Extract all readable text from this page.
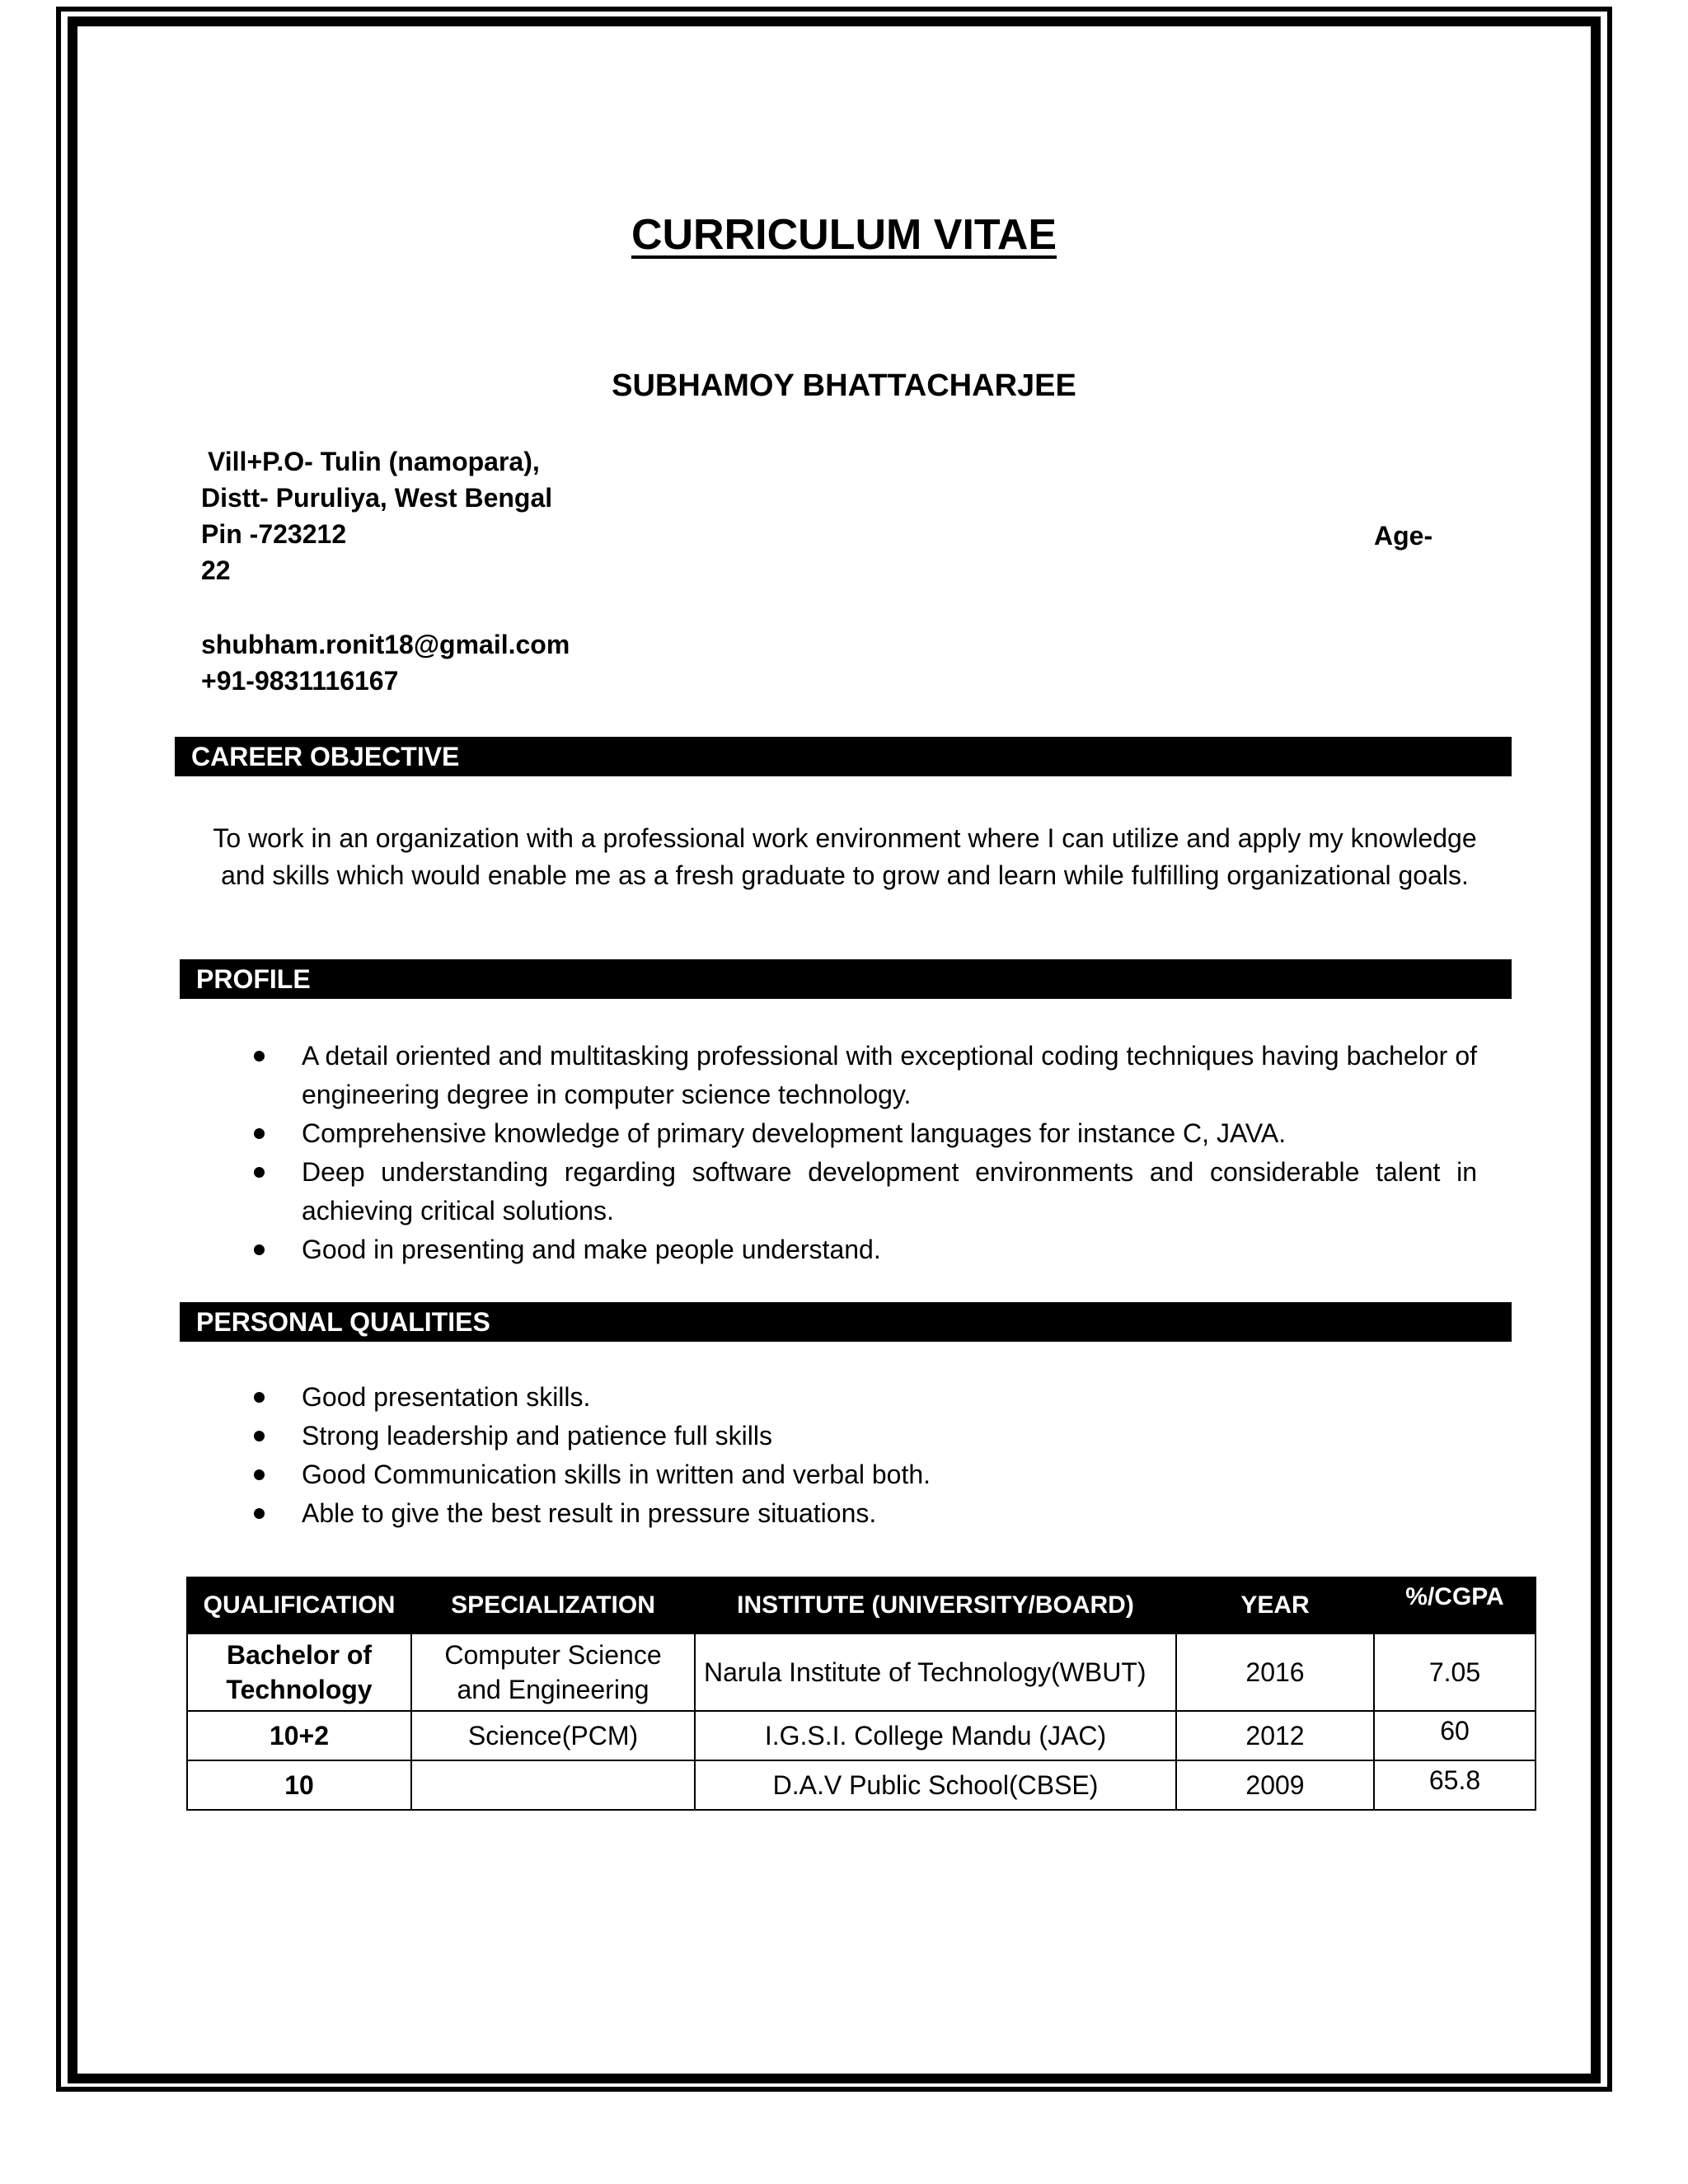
CURRICULUM VITAE
SUBHAMOY BHATTACHARJEE
Vill+P.O- Tulin (namopara),
Distt- Puruliya, West Bengal
Pin -723212	Age-
22
shubham.ronit18@gmail.com
+91-9831116167
CAREER OBJECTIVE
To work in an organization with a professional work environment where I can utilize and apply my knowledge and skills which would enable me as a fresh graduate to grow and learn while fulfilling organizational goals.
PROFILE
A detail oriented and multitasking professional with exceptional coding techniques having bachelor of engineering degree in computer science technology.
Comprehensive knowledge of primary development languages for instance C, JAVA.
Deep understanding regarding software development environments and considerable talent in achieving critical solutions.
Good in presenting and make people understand.
PERSONAL QUALITIES
Good presentation skills.
Strong leadership and patience full skills
Good Communication skills in written and verbal both.
Able to give the best result in pressure situations.
QUALIFICATION	SPECIALIZATION	INSTITUTE (UNIVERSITY/BOARD)	YEAR	%/CGPA
Bachelor of Technology	Computer Science and Engineering	Narula Institute of Technology(WBUT)	2016	7.05
10+2	Science(PCM)	I.G.S.I. College Mandu (JAC)	2012	60
10		D.A.V Public School(CBSE)	2009	65.8
